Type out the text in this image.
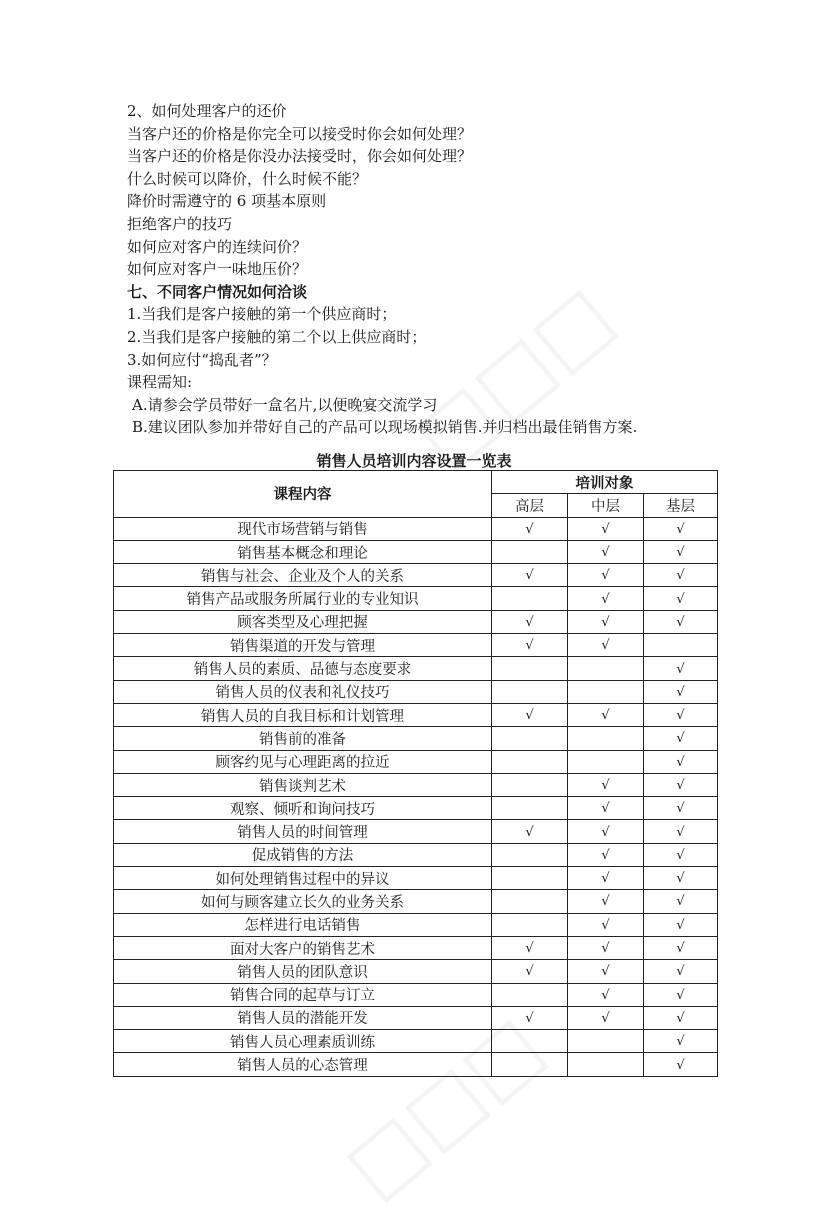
2、如何处理客户的还价
当客户还的价格是你完全可以接受时你会如何处理？
当客户还的价格是你没办法接受时，你会如何处理？
什么时候可以降价，什么时候不能？
降价时需遵守的 6 项基本原则
拒绝客户的技巧
如何应对客户的连续问价？
如何应对客户一味地压价？
七、不同客户情况如何洽谈
1.当我们是客户接触的第一个供应商时；
2.当我们是客户接触的第二个以上供应商时；
3.如何应付“捣乱者”？
课程需知:
A.请参会学员带好一盒名片,以便晚宴交流学习
B.建议团队参加并带好自己的产品可以现场模拟销售.并归档出最佳销售方案.
销售人员培训内容设置一览表
课程内容	培训对象		
	高层	中层	基层
现代市场营销与销售	√	√	√
销售基本概念和理论		√	√
销售与社会、企业及个人的关系	√	√	√
销售产品或服务所属行业的专业知识		√	√
顾客类型及心理把握	√	√	√
销售渠道的开发与管理	√	√	
销售人员的素质、品德与态度要求			√
销售人员的仪表和礼仪技巧			√
销售人员的自我目标和计划管理	√	√	√
销售前的准备			√
顾客约见与心理距离的拉近			√
销售谈判艺术		√	√
观察、倾听和询问技巧		√	√
销售人员的时间管理	√	√	√
促成销售的方法		√	√
如何处理销售过程中的异议		√	√
如何与顾客建立长久的业务关系		√	√
怎样进行电话销售		√	√
面对大客户的销售艺术	√	√	√
销售人员的团队意识	√	√	√
销售合同的起草与订立		√	√
销售人员的潜能开发	√	√	√
销售人员心理素质训练			√
销售人员的心态管理			√
